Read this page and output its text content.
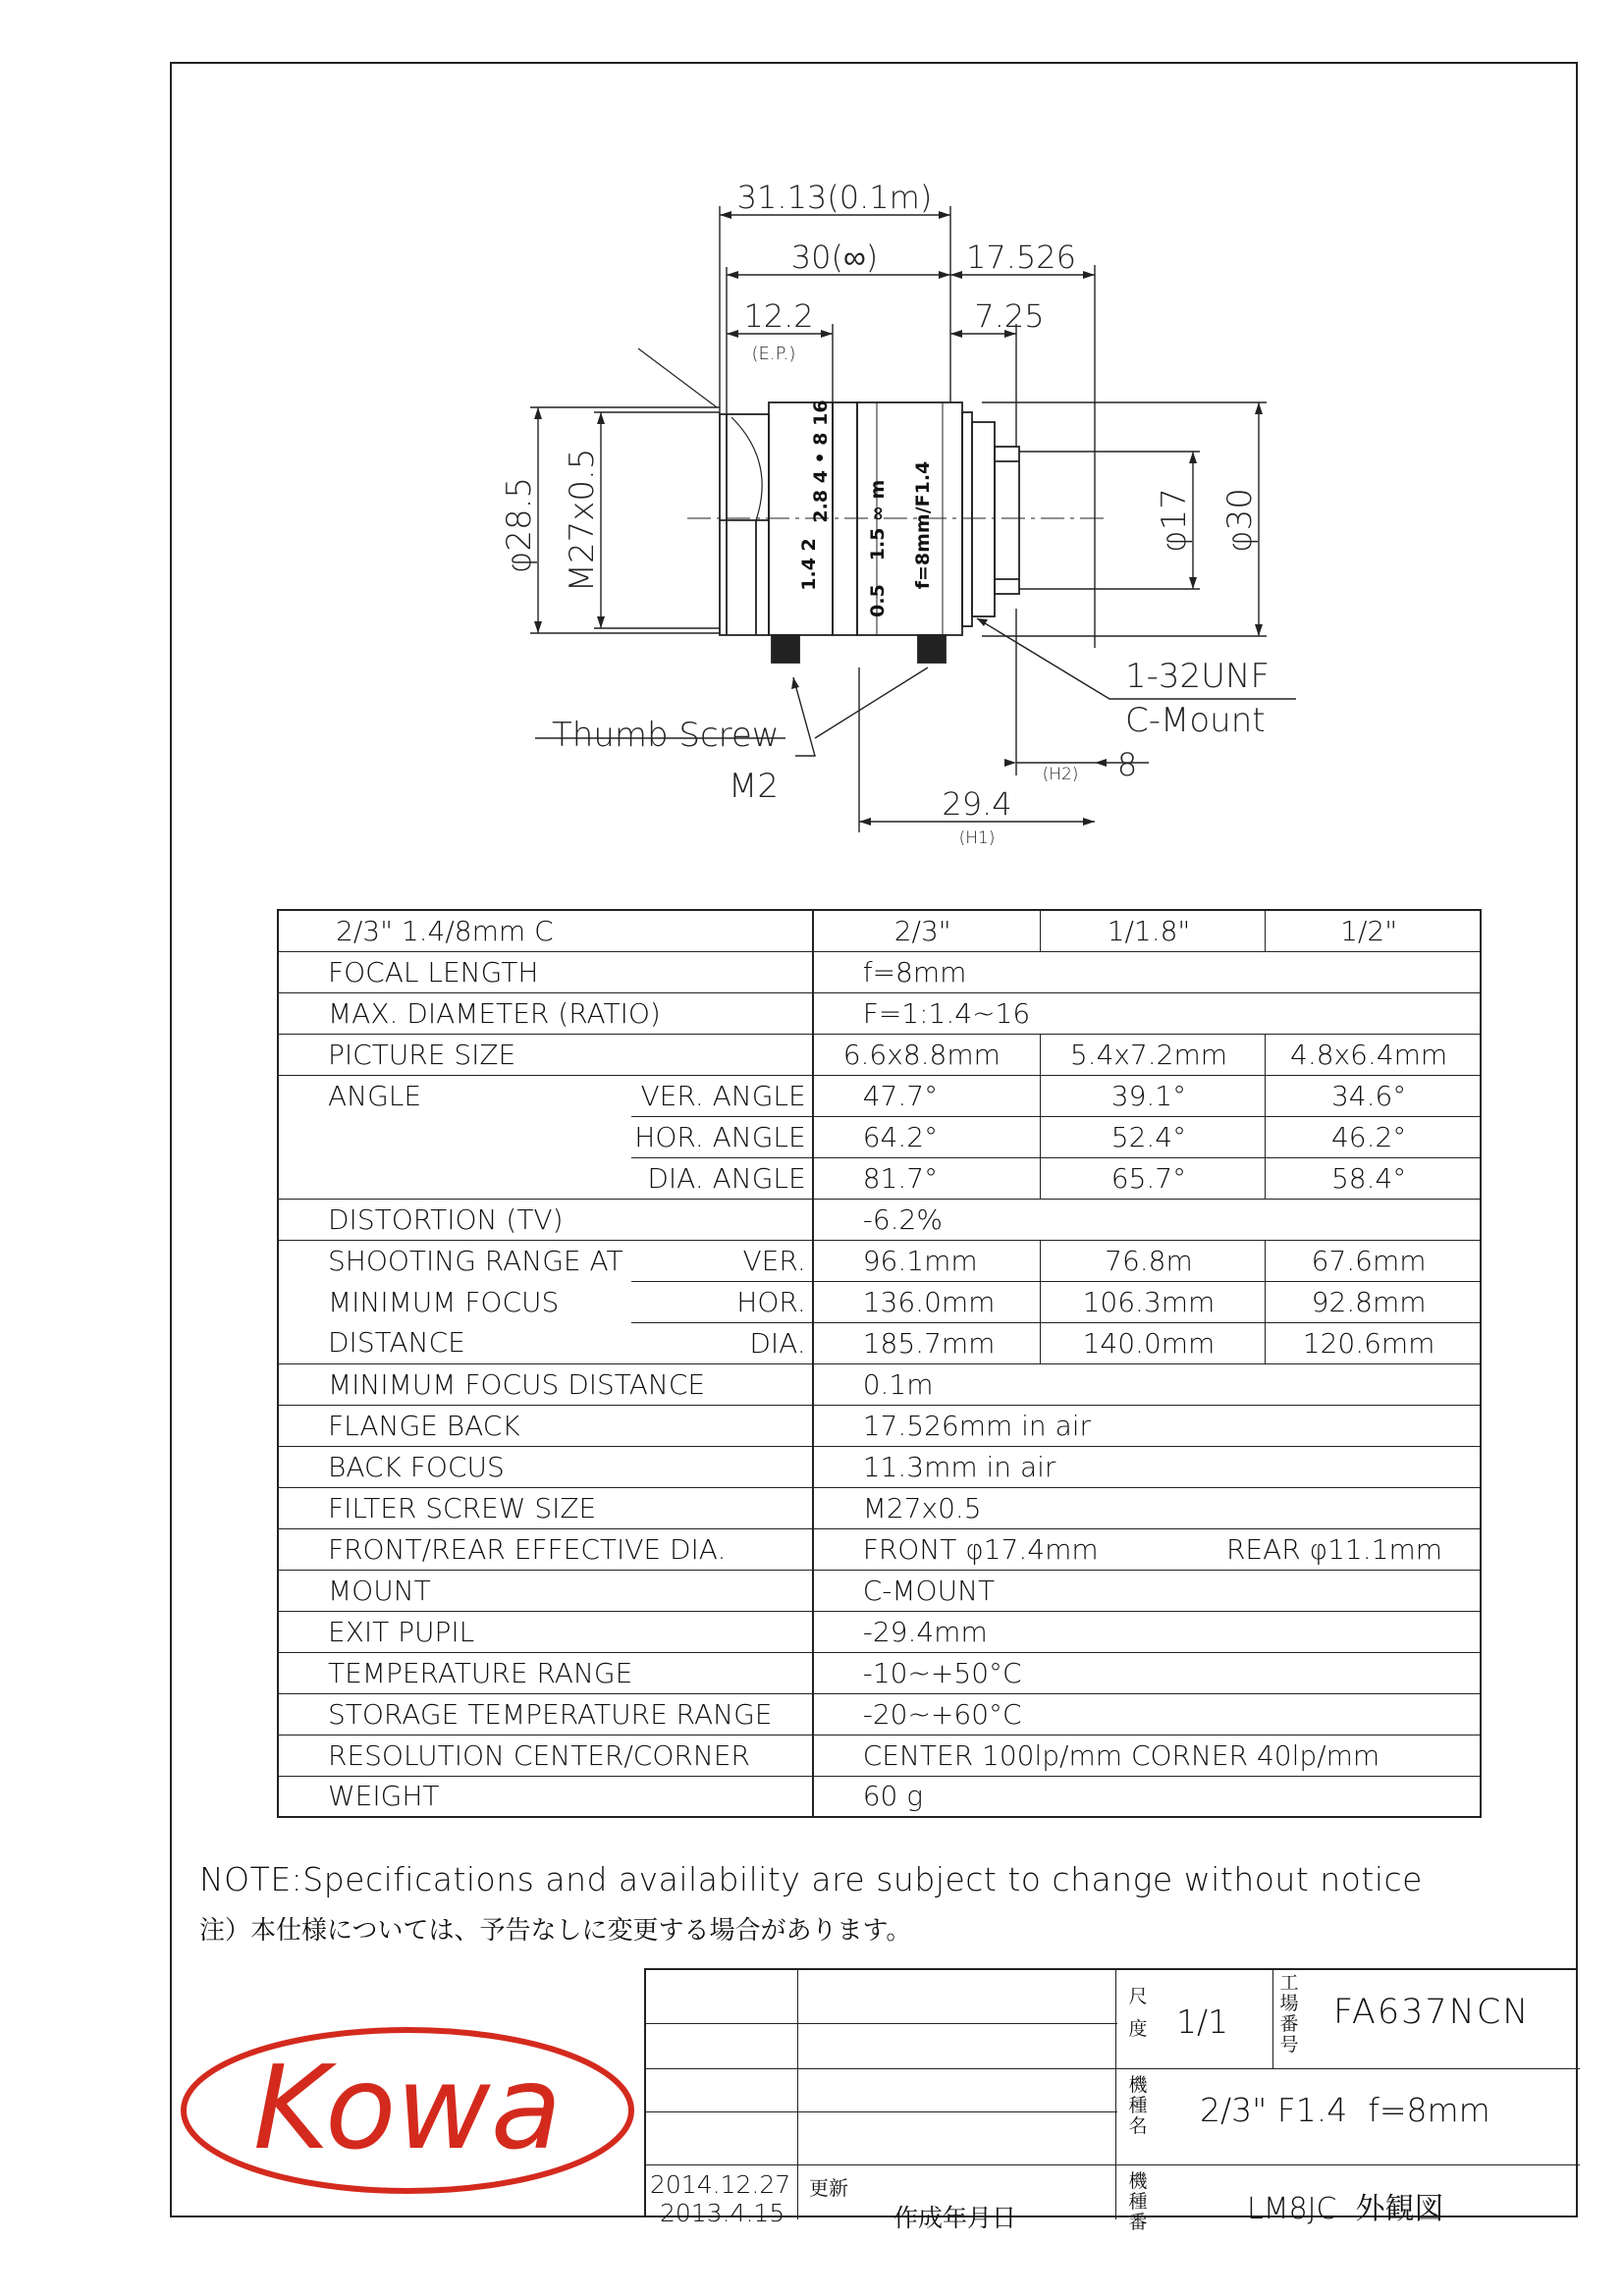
31.13(0.1m)
30(∞)	17.526
12.2
(E.P.)
7.25
8
(H2)
29.4
(H1)
1-32UNF
C-Mount
Thumb Screw
M2
φ28.5 M27x0.5	φ17 φ30
2.8 4 • 8 16
1.4 2
1.5 ∞ m
0.5
f=8mm/F1.4
2/3" 1.4/8mm C		2/3"	1/1.8"	1/2"
FOCAL LENGTH		f=8mm		
MAX. DIAMETER (RATIO)		F=1:1.4~16		
PICTURE SIZE		6.6x8.8mm	5.4x7.2mm	4.8x6.4mm
ANGLE	VER. ANGLE	47.7°	39.1°	34.6°
	HOR. ANGLE	64.2°	52.4°	46.2°
	DIA. ANGLE	81.7°	65.7°	58.4°
DISTORTION (TV)		-6.2%		
SHOOTING RANGE AT	VER.	96.1mm	76.8m	67.6mm
MINIMUM FOCUS	HOR.	136.0mm	106.3mm	92.8mm
DISTANCE	DIA.	185.7mm	140.0mm	120.6mm
MINIMUM FOCUS DISTANCE		0.1m		
FLANGE BACK		17.526mm in air		
BACK FOCUS		11.3mm in air		
FILTER SCREW SIZE		M27x0.5		
FRONT/REAR EFFECTIVE DIA.		FRONT φ17.4mm REAR φ11.1mm		

MOUNT		C-MOUNT		
EXIT PUPIL		-29.4mm		
TEMPERATURE RANGE		-10~+50°C		
STORAGE TEMPERATURE RANGE		-20~+60°C		
RESOLUTION CENTER/CORNER		CENTER 100lp/mm CORNER 40lp/mm		
WEIGHT		60 g		
NOTE:Specifications and availability are subject to change without notice
注）本仕様については、予告なしに変更する場合があります。
Kowa
2014.12.27 更新
2013.4.15	作成年月日
尺
度 1/1
工
場
番
号
FA637NCN
機
種
名 2/3" F1.4  f=8mm
機
種
番	LM8JC  外観図
